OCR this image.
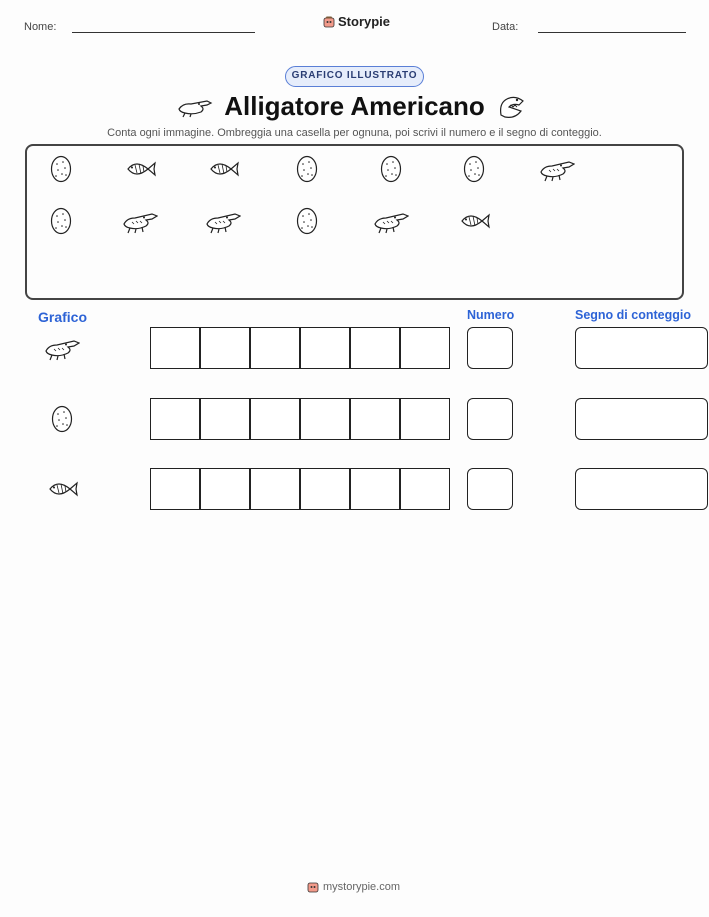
Nome:	Storypie	Data:
GRAFICO ILLUSTRATO
Alligatore Americano
Conta ogni immagine. Ombreggia una casella per ognuna, poi scrivi il numero e il segno di conteggio.
Grafico	Numero	Segno di conteggio
mystorypie.com
